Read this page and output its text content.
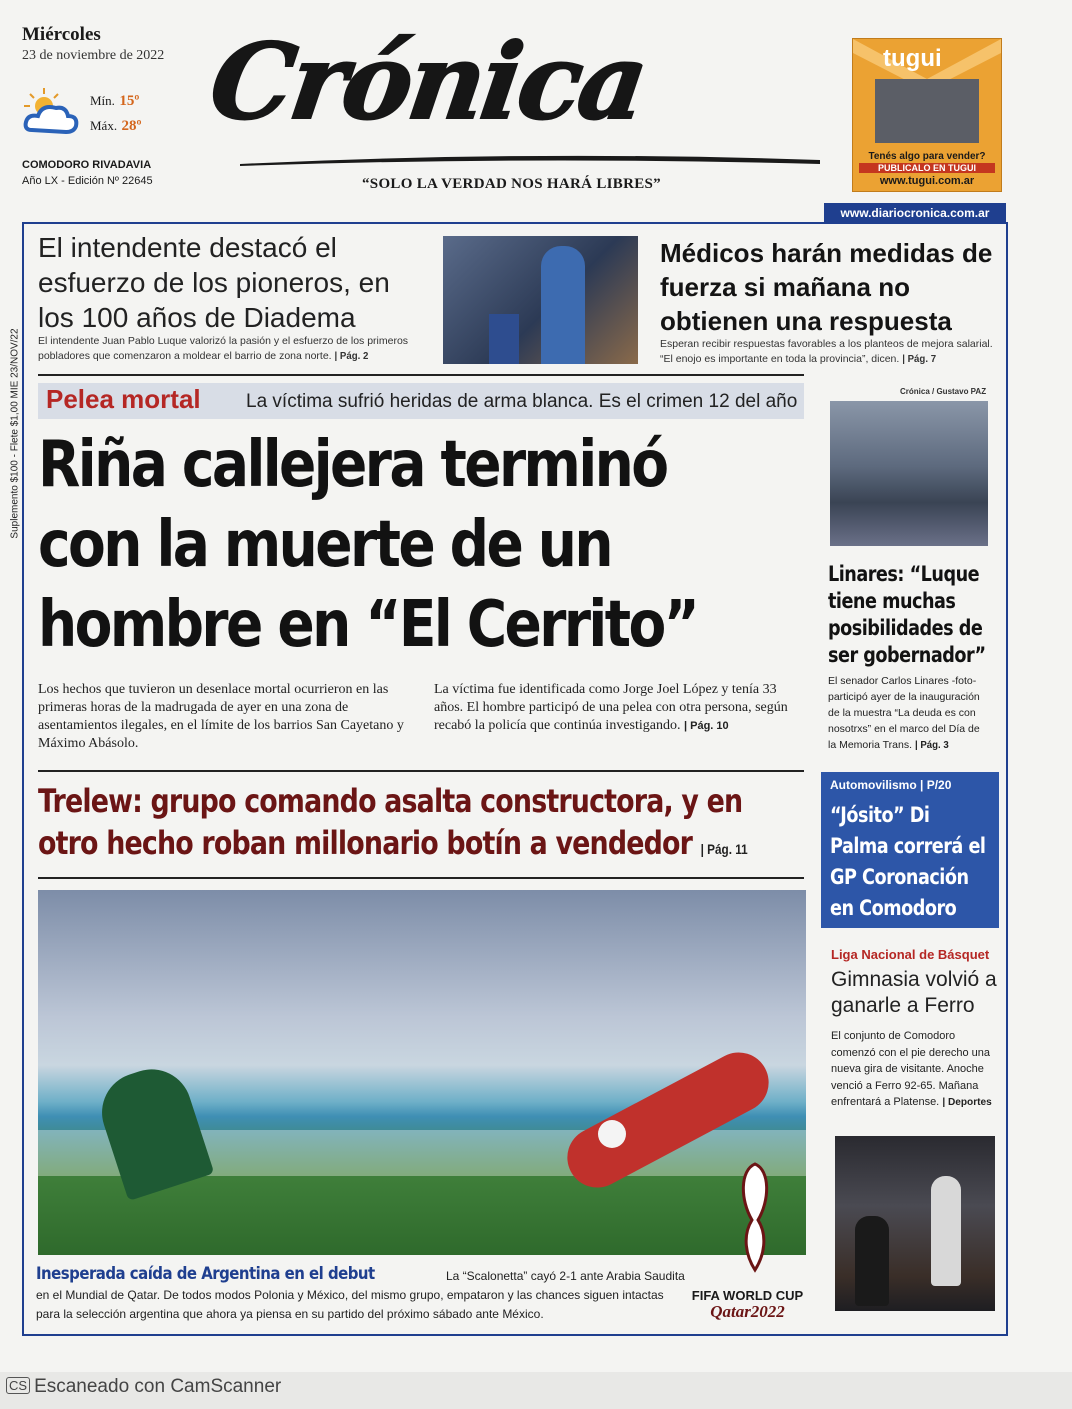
Miércoles
23 de noviembre de 2022
Mín. 15º
Máx. 28º
COMODORO RIVADAVIA
Año LX - Edición Nº 22645
Crónica
“SOLO LA VERDAD NOS HARÁ LIBRES”
tugui
Tenés algo para vender?
PUBLICALO EN TUGUI
www.tugui.com.ar
www.diariocronica.com.ar
Suplemento $100 - Flete $1,00 MIE 23/NOV/22
El intendente destacó el esfuerzo de los pioneros, en los 100 años de Diadema
El intendente Juan Pablo Luque valorizó la pasión y el esfuerzo de los primeros pobladores que comenzaron a moldear el barrio de zona norte. | Pág. 2
Médicos harán medidas de fuerza si mañana no obtienen una respuesta
Esperan recibir respuestas favorables a los planteos de mejora salarial. “El enojo es importante en toda la provincia”, dicen. | Pág. 7
Pelea mortal La víctima sufrió heridas de arma blanca. Es el crimen 12 del año
Riña callejera terminó
con la muerte de un
hombre en “El Cerrito”
Los hechos que tuvieron un desenlace mortal ocurrieron en las primeras horas de la madrugada de ayer en una zona de asentamientos ilegales, en el límite de los barrios San Cayetano y Máximo Abásolo.
La víctima fue identificada como Jorge Joel López y tenía 33 años. El hombre participó de una pelea con otra persona, según recabó la policía que continúa investigando. | Pág. 10
Trelew: grupo comando asalta constructora, y en
otro hecho roban millonario botín a vendedor | Pág. 11
Inesperada caída de Argentina en el debut	La “Scalonetta” cayó 2-1 ante Arabia Saudita en el Mundial de Qatar. De todos modos Polonia y México, del mismo grupo, empataron y las chances siguen intactas para la selección argentina que ahora ya piensa en su partido del próximo sábado ante México.
FIFA WORLD CUP
Qatar2022
Crónica / Gustavo PAZ
Linares: “Luque tiene muchas posibilidades de ser gobernador”
El senador Carlos Linares -foto- participó ayer de la inauguración de la muestra “La deuda es con nosotrxs” en el marco del Día de la Memoria Trans. | Pág. 3
Automovilismo | P/20
“Jósito” Di Palma correrá el GP Coronación en Comodoro
Liga Nacional de Básquet
Gimnasia volvió a ganarle a Ferro
El conjunto de Comodoro comenzó con el pie derecho una nueva gira de visitante. Anoche venció a Ferro 92-65. Mañana enfrentará a Platense. | Deportes
CS Escaneado con CamScanner
